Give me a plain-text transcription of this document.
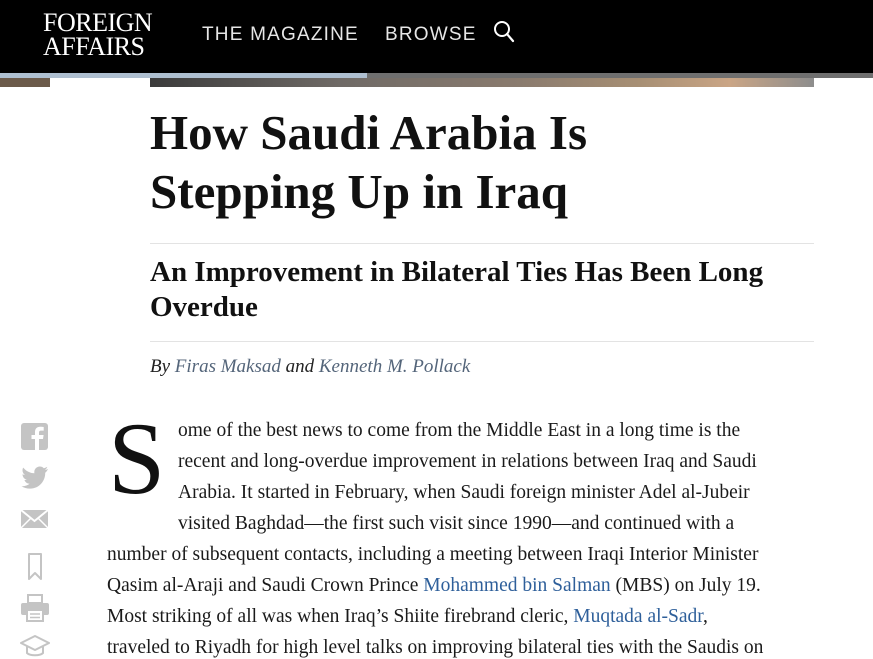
FOREIGN
AFFAIRS	THE MAGAZINE BROWSE
How Saudi Arabia Is
Stepping Up in Iraq
An Improvement in Bilateral Ties Has Been Long
Overdue
By Firas Maksad and Kenneth M. Pollack
S ome of the best news to come from the Middle East in a long time is the
recent and long-overdue improvement in relations between Iraq and Saudi
Arabia. It started in February, when Saudi foreign minister Adel al-Jubeir
visited Baghdad—the first such visit since 1990—and continued with a
number of subsequent contacts, including a meeting between Iraqi Interior Minister
Qasim al-Araji and Saudi Crown Prince Mohammed bin Salman (MBS) on July 19.
Most striking of all was when Iraq’s Shiite firebrand cleric, Muqtada al-Sadr,
traveled to Riyadh for high level talks on improving bilateral ties with the Saudis on
